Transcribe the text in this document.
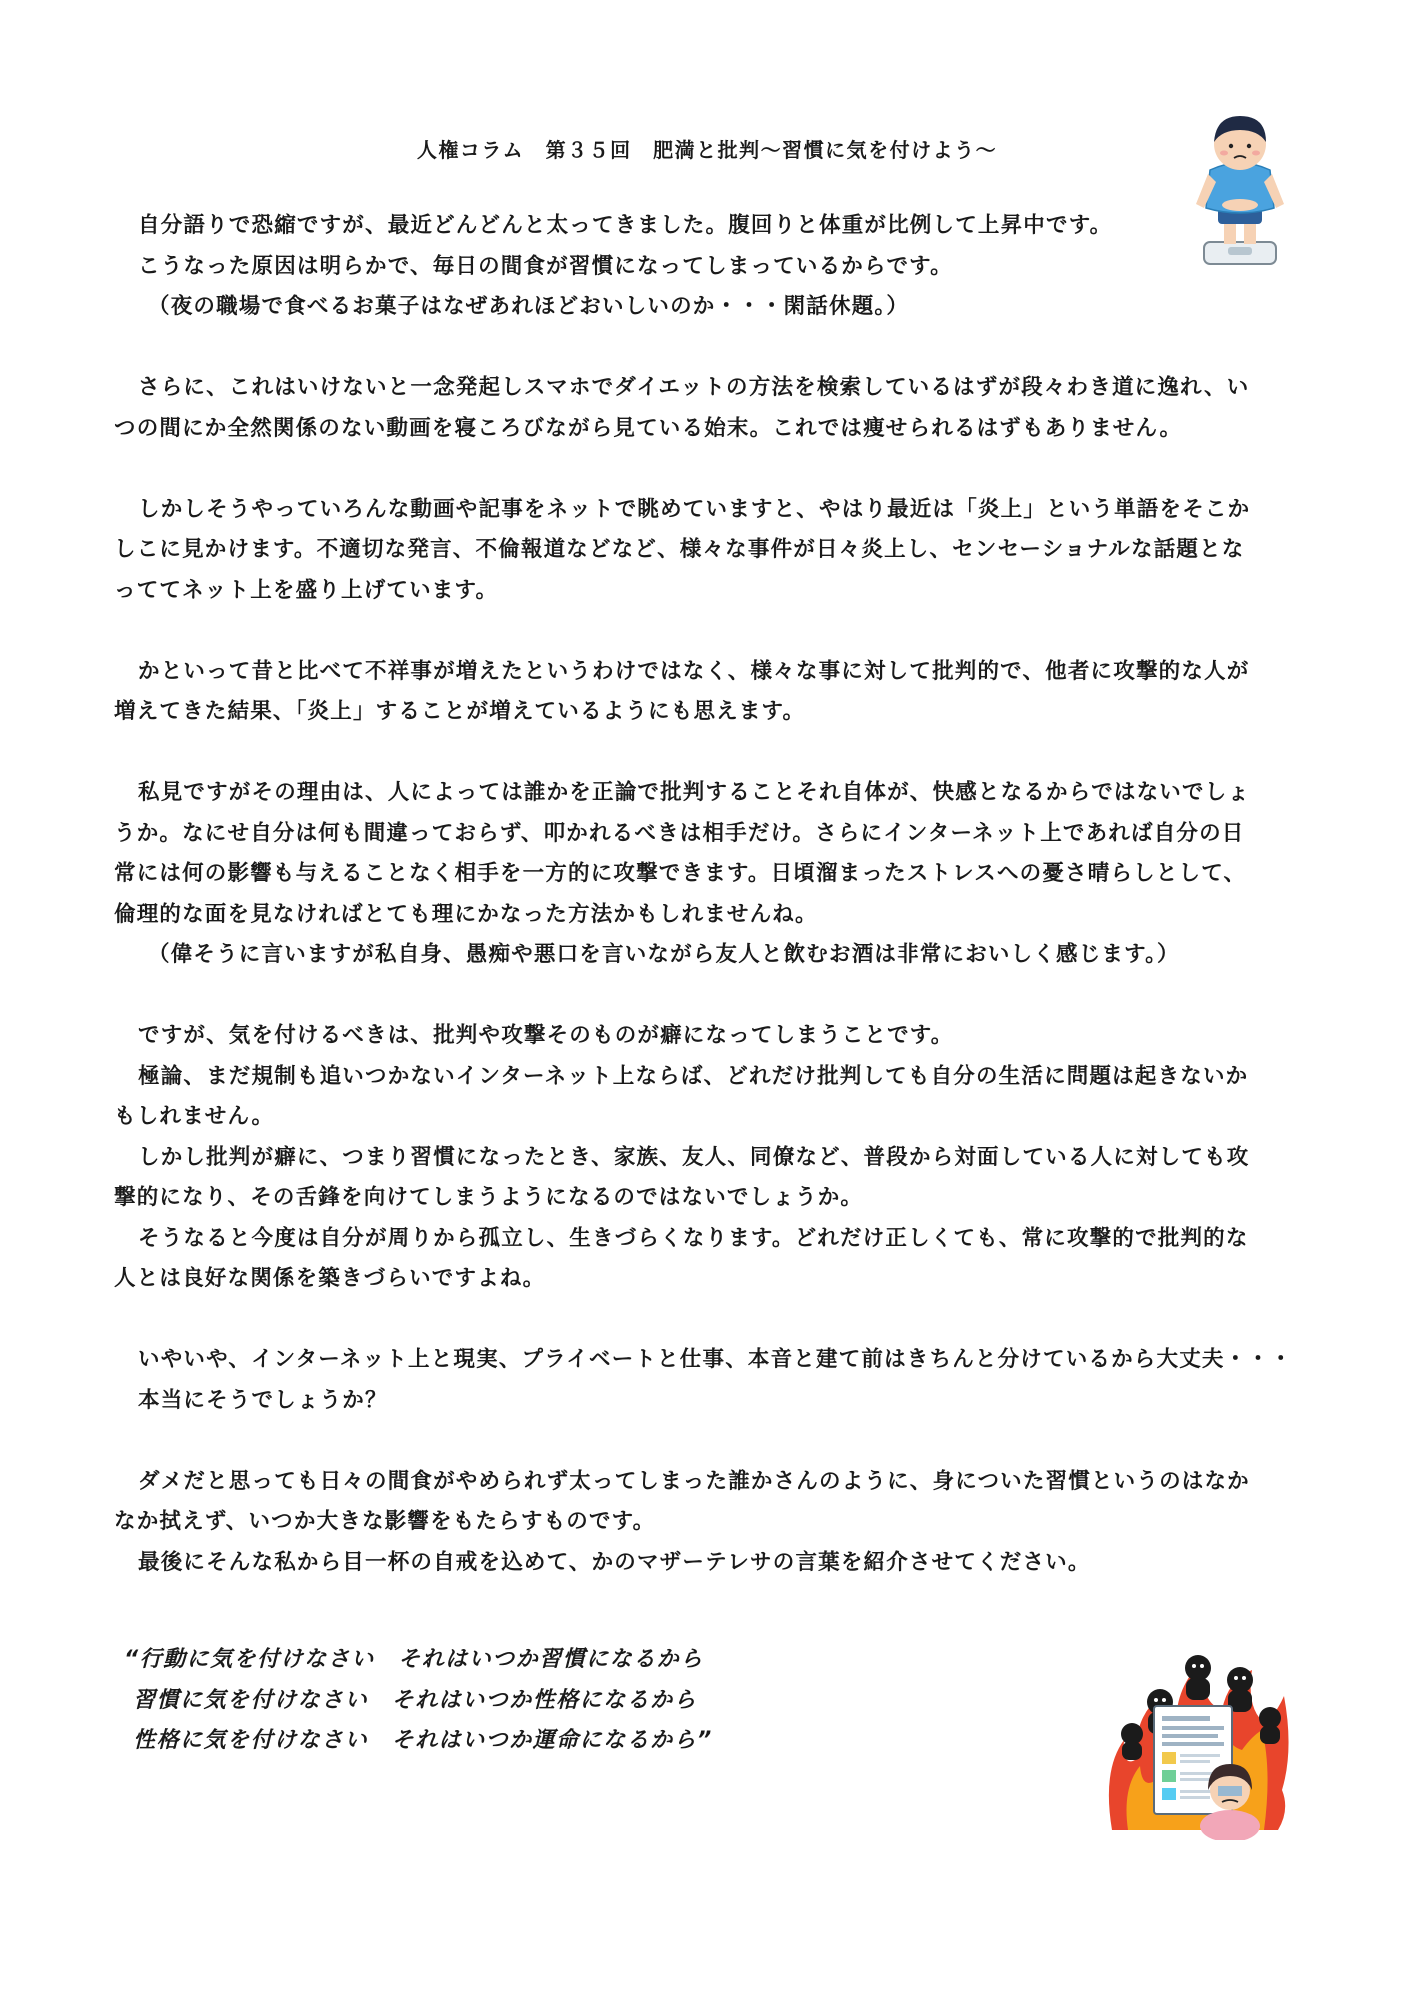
人権コラム　第３５回　肥満と批判～習慣に気を付けよう～
自分語りで恐縮ですが、最近どんどんと太ってきました。腹回りと体重が比例して上昇中です。
こうなった原因は明らかで、毎日の間食が習慣になってしまっているからです。
（夜の職場で食べるお菓子はなぜあれほどおいしいのか・・・閑話休題。）
さらに、これはいけないと一念発起しスマホでダイエットの方法を検索しているはずが段々わき道に逸れ、い
つの間にか全然関係のない動画を寝ころびながら見ている始末。これでは痩せられるはずもありません。
しかしそうやっていろんな動画や記事をネットで眺めていますと、やはり最近は「炎上」という単語をそこか
しこに見かけます。不適切な発言、不倫報道などなど、様々な事件が日々炎上し、センセーショナルな話題とな
っててネット上を盛り上げています。
かといって昔と比べて不祥事が増えたというわけではなく、様々な事に対して批判的で、他者に攻撃的な人が
増えてきた結果、「炎上」することが増えているようにも思えます。
私見ですがその理由は、人によっては誰かを正論で批判することそれ自体が、快感となるからではないでしょ
うか。なにせ自分は何も間違っておらず、叩かれるべきは相手だけ。さらにインターネット上であれば自分の日
常には何の影響も与えることなく相手を一方的に攻撃できます。日頃溜まったストレスへの憂さ晴らしとして、
倫理的な面を見なければとても理にかなった方法かもしれませんね。
（偉そうに言いますが私自身、愚痴や悪口を言いながら友人と飲むお酒は非常においしく感じます。）
ですが、気を付けるべきは、批判や攻撃そのものが癖になってしまうことです。
極論、まだ規制も追いつかないインターネット上ならば、どれだけ批判しても自分の生活に問題は起きないか
もしれません。
しかし批判が癖に、つまり習慣になったとき、家族、友人、同僚など、普段から対面している人に対しても攻
撃的になり、その舌鋒を向けてしまうようになるのではないでしょうか。
そうなると今度は自分が周りから孤立し、生きづらくなります。どれだけ正しくても、常に攻撃的で批判的な
人とは良好な関係を築きづらいですよね。
いやいや、インターネット上と現実、プライベートと仕事、本音と建て前はきちんと分けているから大丈夫・・・
本当にそうでしょうか？
ダメだと思っても日々の間食がやめられず太ってしまった誰かさんのように、身についた習慣というのはなか
なか拭えず、いつか大きな影響をもたらすものです。
最後にそんな私から目一杯の自戒を込めて、かのマザーテレサの言葉を紹介させてください。
“行動に気を付けなさい　それはいつか習慣になるから
習慣に気を付けなさい　それはいつか性格になるから
性格に気を付けなさい　それはいつか運命になるから”
